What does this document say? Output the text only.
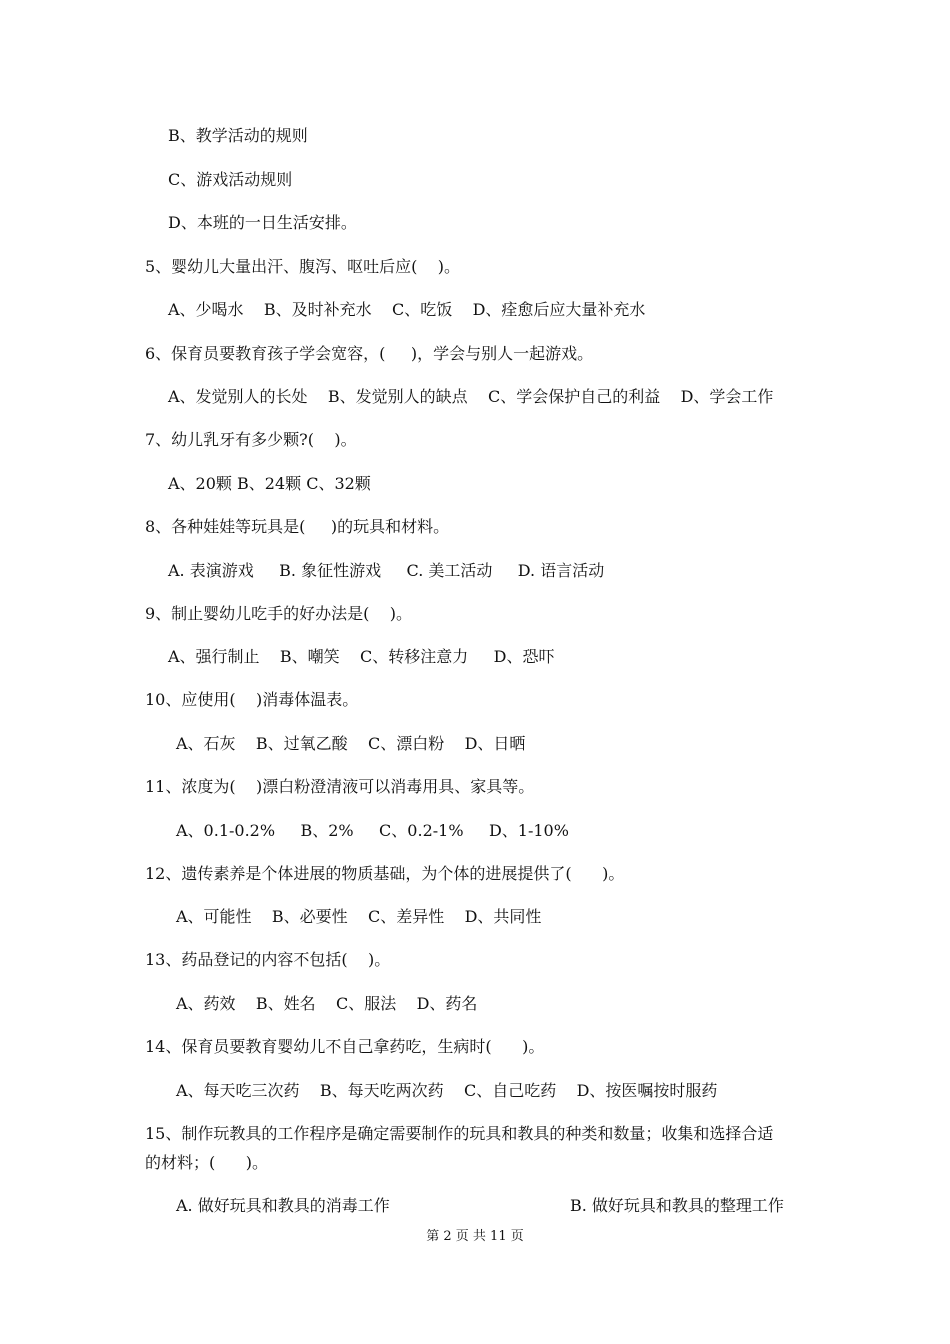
B、教学活动的规则

C、游戏活动规则

D、本班的一日生活安排。

5、婴幼儿大量出汗、腹泻、呕吐后应(    )。

A、少喝水    B、及时补充水    C、吃饭    D、痊愈后应大量补充水

6、保育员要教育孩子学会宽容，(     )，学会与别人一起游戏。

A、发觉别人的长处    B、发觉别人的缺点    C、学会保护自己的利益    D、学会工作

7、幼儿乳牙有多少颗?(    )。

A、20颗 B、24颗 C、32颗

8、各种娃娃等玩具是(     )的玩具和材料。

A. 表演游戏     B. 象征性游戏     C. 美工活动     D. 语言活动

9、制止婴幼儿吃手的好办法是(    )。

A、强行制止    B、嘲笑    C、转移注意力     D、恐吓

10、应使用(    )消毒体温表。

A、石灰    B、过氧乙酸    C、漂白粉    D、日晒

11、浓度为(    )漂白粉澄清液可以消毒用具、家具等。

A、0.1-0.2%     B、2%     C、0.2-1%     D、1-10%

12、遗传素养是个体进展的物质基础，为个体的进展提供了(      )。

A、可能性    B、必要性    C、差异性    D、共同性

13、药品登记的内容不包括(    )。

A、药效    B、姓名    C、服法    D、药名

14、保育员要教育婴幼儿不自己拿药吃，生病时(      )。

A、每天吃三次药    B、每天吃两次药    C、自己吃药    D、按医嘱按时服药

15、制作玩教具的工作程序是确定需要制作的玩具和教具的种类和数量；收集和选择合适

的材料；(      )。

A. 做好玩具和教具的消毒工作	B. 做好玩具和教具的整理工作

第 2 页 共 11 页
